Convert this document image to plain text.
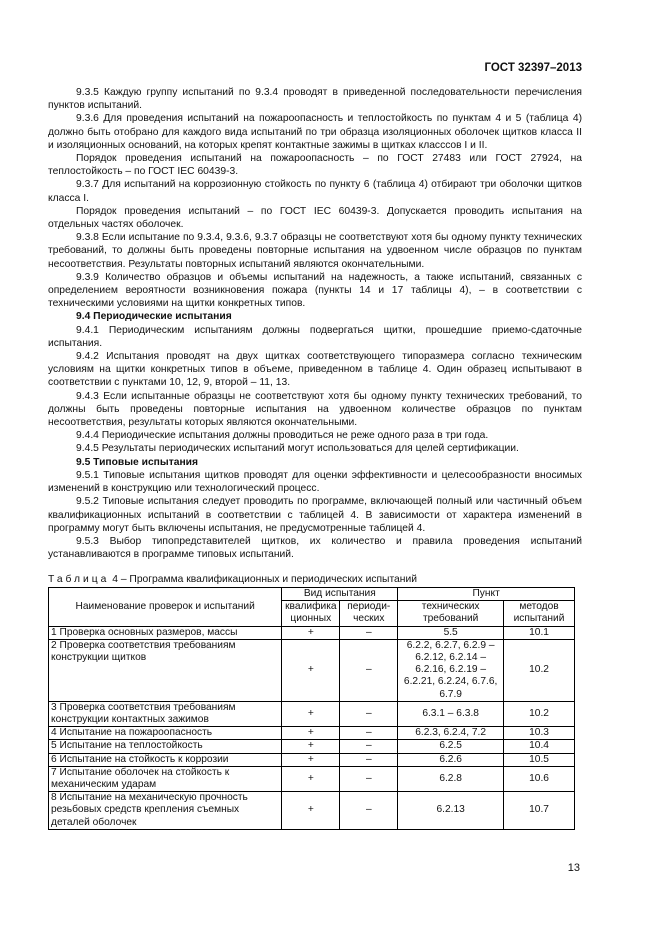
ГОСТ 32397–2013

9.3.5 Каждую группу испытаний по 9.3.4 проводят в приведенной последовательности перечисления пунктов испытаний.

9.3.6 Для проведения испытаний на пожароопасность и теплостойкость по пунктам 4 и 5 (таблица 4) должно быть отобрано для каждого вида испытаний по три образца изоляционных оболочек щитков класса II и изоляционных оснований, на которых крепят контактные зажимы в щитках классcов I и II.

Порядок проведения испытаний на пожароопасность – по ГОСТ 27483 или ГОСТ 27924, на теплостойкость – по ГОСТ IEC 60439-3.

9.3.7 Для испытаний на коррозионную стойкость по пункту 6 (таблица 4) отбирают три оболочки щитков класса I.

Порядок проведения испытаний – по ГОСТ IEC 60439-3. Допускается проводить испытания на отдельных частях оболочек.

9.3.8 Если испытание по 9.3.4, 9.3.6, 9.3.7 образцы не соответствуют хотя бы одному пункту технических требований, то должны быть проведены повторные испытания на удвоенном числе образцов по пунктам несоответствия. Результаты повторных испытаний являются окончательными.

9.3.9 Количество образцов и объемы испытаний на надежность, а также испытаний, связанных с определением вероятности возникновения пожара (пункты 14 и 17 таблицы 4), – в соответствии с техническими условиями на щитки конкретных типов.

9.4 Периодические испытания

9.4.1 Периодическим испытаниям должны подвергаться щитки, прошедшие приемо-сдаточные испытания.

9.4.2 Испытания проводят на двух щитках соответствующего типоразмера согласно техническим условиям на щитки конкретных типов в объеме, приведенном в таблице 4. Один образец испытывают в соответствии с пунктами 10, 12, 9, второй – 11, 13.

9.4.3 Если испытанные образцы не соответствуют хотя бы одному пункту технических требований, то должны быть проведены повторные испытания на удвоенном количестве образцов по пунктам несоответствия, результаты которых являются окончательными.

9.4.4 Периодические испытания должны проводиться не реже одного раза в три года.

9.4.5 Результаты периодических испытаний могут использоваться для целей сертификации.

9.5 Типовые испытания

9.5.1 Типовые испытания щитков проводят для оценки эффективности и целесообразности вносимых изменений в конструкцию или технологический процесс.

9.5.2 Типовые испытания следует проводить по программе, включающей полный или частичный объем квалификационных испытаний в соответствии с таблицей 4. В зависимости от характера изменений в программу могут быть включены испытания, не предусмотренные таблицей 4.

9.5.3 Выбор типопредставителей щитков, их количество и правила проведения испытаний устанавливаются в программе типовых испытаний.

Таблица 4 – Программа квалификационных и периодических испытаний
Наименование проверок и испытаний	Вид испытания		Пункт	
	квалифика ционных	периоди- ческих	технических требований	методов испытаний
1 Проверка основных размеров, массы	+	–	5.5	10.1
2 Проверка соответствия требованиям конструкции щитков	+	–	6.2.2, 6.2.7, 6.2.9 – 6.2.12, 6.2.14 – 6.2.16, 6.2.19 – 6.2.21, 6.2.24, 6.7.6, 6.7.9	10.2
3 Проверка соответствия требованиям конструкции контактных зажимов	+	–	6.3.1 – 6.3.8	10.2
4 Испытание на пожароопасность	+	–	6.2.3, 6.2.4, 7.2	10.3
5 Испытание на теплостойкость	+	–	6.2.5	10.4
6 Испытание на стойкость к коррозии	+	–	6.2.6	10.5
7 Испытание оболочек на стойкость к механическим ударам	+	–	6.2.8	10.6
8 Испытание на механическую прочность резьбовых средств крепления съемных деталей оболочек	+	–	6.2.13	10.7
13
